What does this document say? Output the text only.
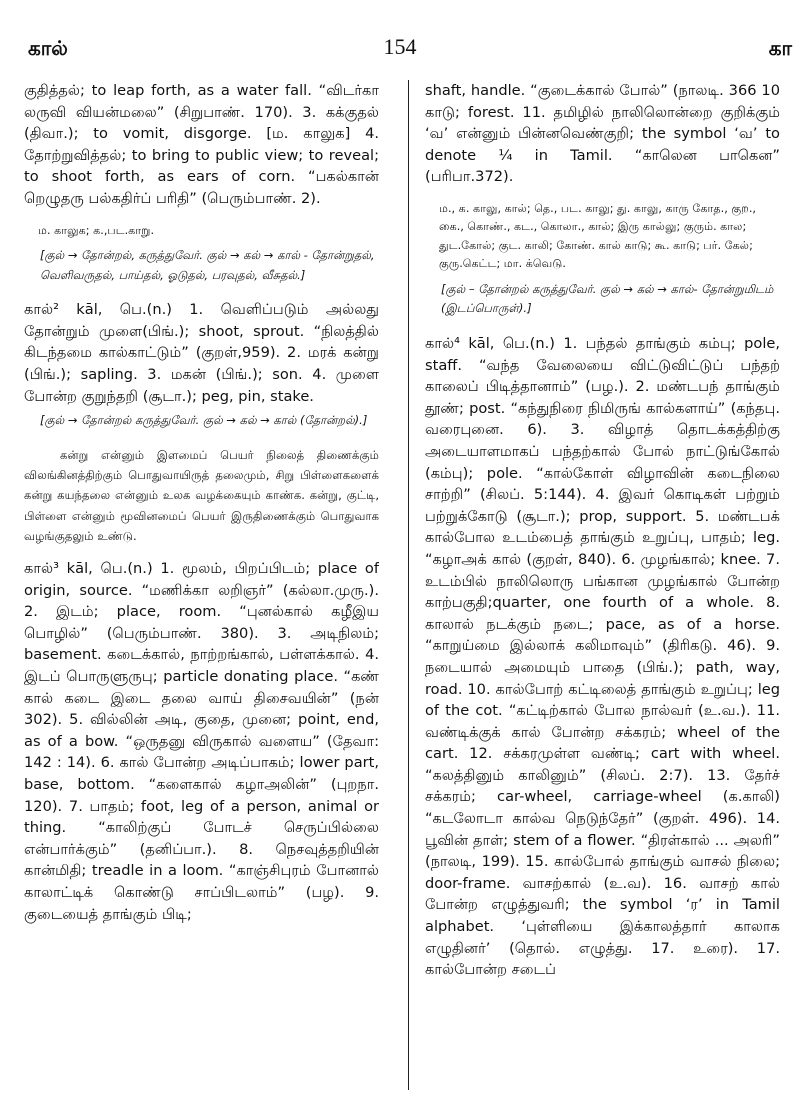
கால்	154	கா‍

குதித்தல்; to leap forth, as a water fall. “விடர்கா லருவி வியன்மலை” (சிறுபாண். 170). 3. கக்குதல் (திவா.); to vomit, disgorge. [ம. காலுக] 4. தோற்றுவித்தல்; to bring to public view; to reveal; to shoot forth, as ears of corn. “பகல்கான் றெழுதரு பல்கதிர்ப் பரிதி” (பெரும்பாண். 2).

ம. காலுக; க.,பட.காறு.

[குல் → தோன்றல், கருத்துவேர். குல் → கல் → கால் - தோன்றுதல், வெளிவருதல், பாய்தல், ஓடுதல், பரவுதல், வீசுதல்.]

கால்² kāl, பெ.(n.) 1. வெளிப்படும் அல்லது தோன்றும் முளை(பிங்.); shoot, sprout. “நிலத்தில் கிடந்தமை கால்காட்டும்” (குறள்,959). 2. மரக் கன்று (பிங்.); sapling. 3. மகன் (பிங்.); son. 4. முளை போன்ற குறுந்தறி (சூடா.); peg, pin, stake.

[குல் → தோன்றல் கருத்துவேர். குல் → கல் → கால் (தோன்றல்).]

கன்று என்னும் இளமைப் பெயர் நிலைத் திணைக்கும் விலங்கினத்திற்கும் பொதுவாயிருத் தலைமும், சிறு பிள்ளைகளைக் கன்று கயந்தலை என்னும் உலக வழக்கையும் காண்க. கன்று, குட்டி, பிள்ளை என்னும் மூவினமைப் பெயர் இருதிணைக்கும் பொதுவாக வழங்குதலும் உண்டு.

கால்³ kāl, பெ.(n.) 1. மூலம், பிறப்பிடம்; place of origin, source. “மணிக்கா லறிஞர்” (கல்லா.முரு.). 2. இடம்; place, room. “புனல்கால் கழீஇய பொழில்” (பெரும்பாண். 380). 3. அடிநிலம்; basement. கடைக்கால், நாற்றங்கால், பள்ளக்கால். 4. இடப் பொருளுருபு; particle donating place. “கண் கால் கடை இடை தலை வாய் திசைவயின்” (நன் 302). 5. வில்லின் அடி, குதை, முனை; point, end, as of a bow. “ஒருதனு விருகால் வளைய” (தேவா: 142 : 14). 6. கால் போன்ற அடிப்பாகம்; lower part, base, bottom. “களைகால் கழாஅலின்” (புறநா. 120). 7. பாதம்; foot, leg of a person, animal or thing. “காலிற்குப் போடச் செருப்பில்லை என்பார்க்கும்” (தனிப்பா.). 8. நெசவுத்தறியின் கான்மிதி; treadle in a loom. “காஞ்சிபுரம் போனால் காலாட்டிக் கொண்டு சாப்பிடலாம்” (பழ). 9. குடையைத் தாங்கும் பிடி;

shaft, handle. “குடைக்கால் போல்” (நாலடி. 366 10 காடு; forest. 11. தமிழில் நாலிலொன்றை குறிக்கும் ‘வ’ என்னும் பின்னவெண்குறி; the symbol ‘வ’ to denote ¼ in Tamil. “காலென பாகென” (பரிபா.372).

ம., க. காலு, கால்; தெ., பட. காலு; து. காலு, காரு கோத., குற., கை., கொண்., கட., கொலா., கால்; இரு கால்லு; குரும். கால; துட.கோல்; குட. காலி; கோண். கால் காடு; கூ. காடு; பர். கேல்; குரு.கெட்ட; மா. க்வெடு.

[குல் – தோன்றல் கருத்துவேர். குல் → கல் → கால்- தோன்றுமிடம் (இடப்பொருள்).]

கால்⁴ kāl, பெ.(n.) 1. பந்தல் தாங்கும் கம்பு; pole, staff. “வந்த வேலையை விட்டுவிட்டுப் பந்தற் காலைப் பிடித்தானாம்” (பழ.). 2. மண்டபந் தாங்கும் தூண்; post. “கந்துநிரை நிமிருங் கால்களாய்” (கந்தபு. வரைபுனை. 6). 3. விழாத் தொடக்கத்திற்கு அடையாளமாகப் பந்தற்கால் போல் நாட்டுங்கோல் (கம்பு); pole. “கால்கோள் விழாவின் கடைநிலை சாற்றி” (சிலப். 5:144). 4. இவர் கொடிகள் பற்றும் பற்றுக்கோடு (சூடா.); prop, support. 5. மண்டபக் கால்போல உடம்பைத் தாங்கும் உறுப்பு, பாதம்; leg. “கழாஅக் கால் (குறள், 840). 6. முழங்கால்; knee. 7. உடம்பில் நாலிலொரு பங்கான முழங்கால் போன்ற காற்பகுதி;quarter, one fourth of a whole. 8. காலால் நடக்கும் நடை; pace, as of a horse. “காறுய்மை இல்லாக் கலிமாவும்” (திரிகடு. 46). 9. நடையால் அமையும் பாதை (பிங்.); path, way, road. 10. கால்போற் கட்டிலைத் தாங்கும் உறுப்பு; leg of the cot. “கட்டிற்கால் போல நால்வர் (உ.வ.). 11. வண்டிக்குக் கால் போன்ற சக்கரம்; wheel of the cart. 12. சக்கரமுள்ள வண்டி; cart with wheel. “கலத்தினும் காலினும்” (சிலப். 2:7). 13. தேர்ச் சக்கரம்; car-wheel, carriage-wheel (க.காலி) “கடலோடா கால்வ நெடுந்தேர்” (குறள். 496). 14. பூவின் தாள்; stem of a flower. “திரள்கால் ... அலரி” (நாலடி, 199). 15. கால்போல் தாங்கும் வாசல் நிலை; door-frame. வாசற்கால் (உ.வ). 16. வாசற் கால் போன்ற எழுத்துவரி; the symbol ‘ர’ in Tamil alphabet. ‘புள்ளியை இக்காலத்தார் காலாக எழுதினர்’ (தொல். எழுத்து. 17. உரை). 17. கால்போன்ற சடைப்
